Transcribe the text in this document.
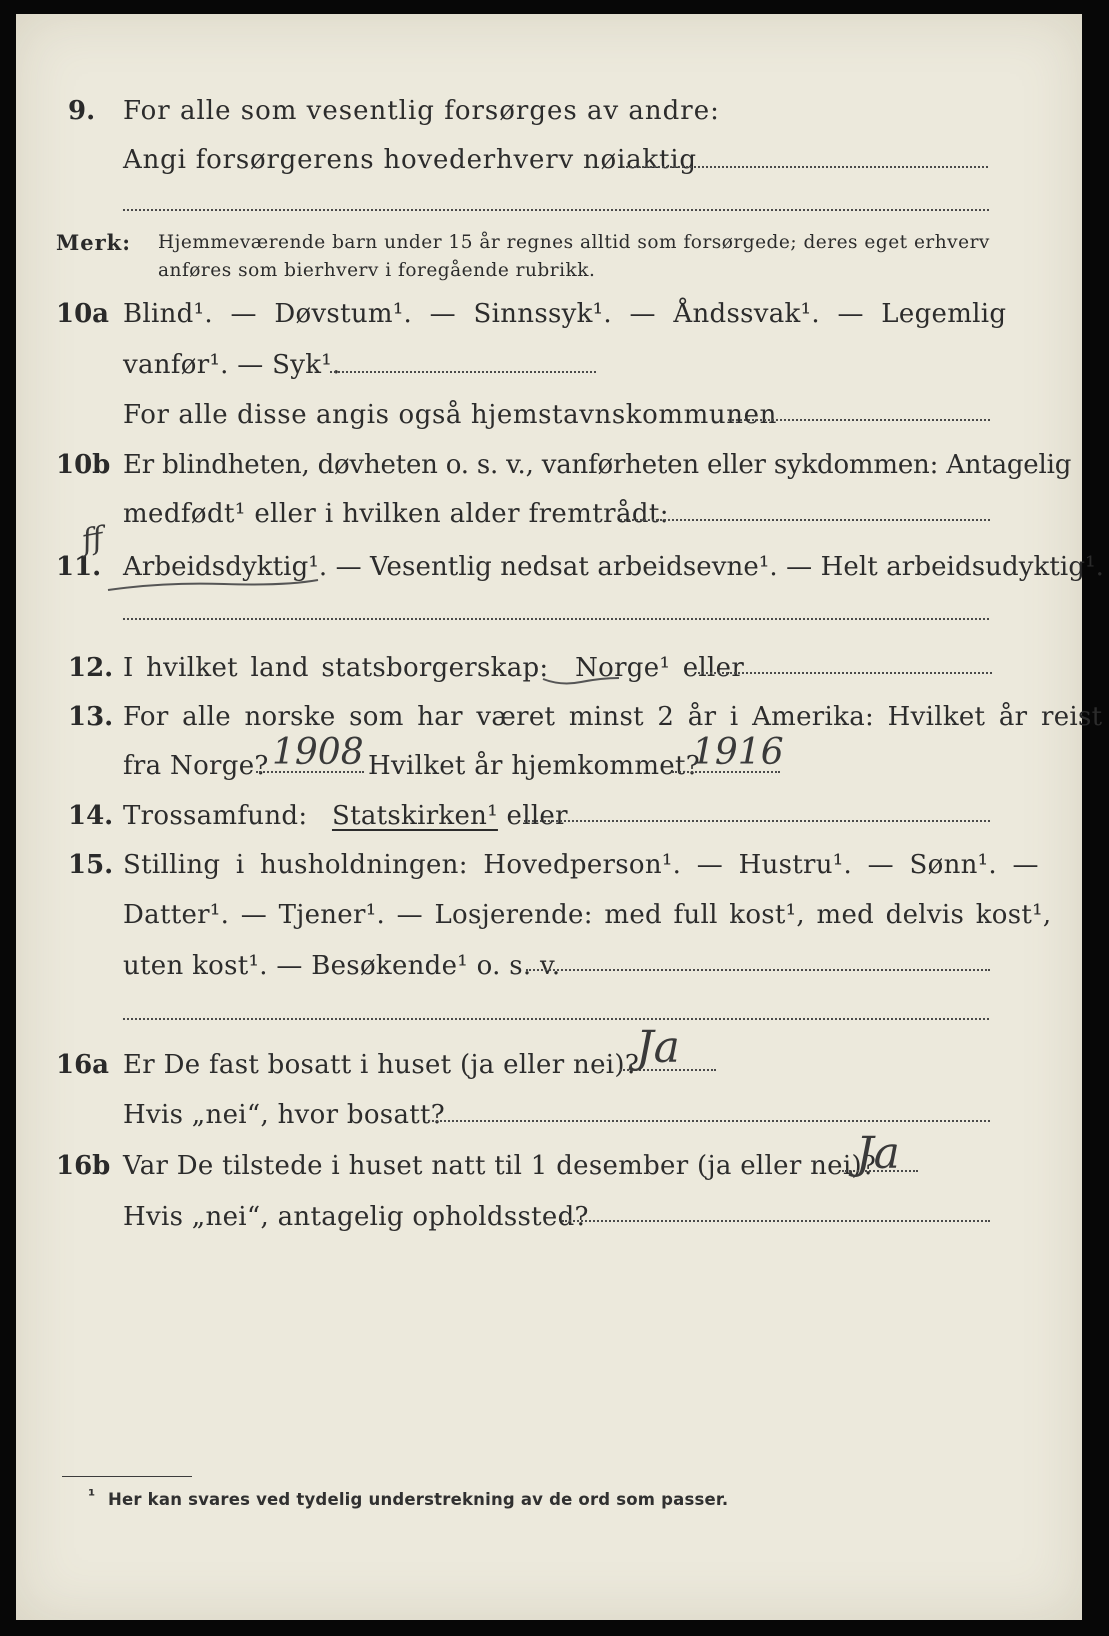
9. For alle som vesentlig forsørges av andre:
Angi forsørgerens hovederhverv nøiaktig
Merk: Hjemmeværende barn under 15 år regnes alltid som forsørgede; deres eget erhverv
anføres som bierhverv i foregående rubrikk.
10a Blind¹. — Døvstum¹. — Sinnssyk¹. — Åndssvak¹. — Legemlig
vanfør¹. — Syk¹.
For alle disse angis også hjemstavnskommunen
10b Er blindheten, døvheten o. s. v., vanførheten eller sykdommen: Antagelig
medfødt¹ eller i hvilken alder fremtrådt:
11.
ff
Arbeidsdyktig¹. — Vesentlig nedsat arbeidsevne¹. — Helt arbeidsudyktig¹.
12. I hvilket land statsborgerskap: Norge¹ eller
13. For alle norske som har været minst 2 år i Amerika: Hvilket år reist
fra Norge? 1908 Hvilket år hjemkommet?
1916
14. Trossamfund: Statskirken¹ eller
15. Stilling i husholdningen: Hovedperson¹. — Hustru¹. — Sønn¹. —
Datter¹. — Tjener¹. — Losjerende: med full kost¹, med delvis kost¹,
uten kost¹. — Besøkende¹ o. s. v.
16a Er De fast bosatt i huset (ja eller nei)?
Ja
Hvis „nei“, hvor bosatt?
16b Var De tilstede i huset natt til 1 desember (ja eller nei)?
Ja
Hvis „nei“, antagelig opholdssted?
¹ Her kan svares ved tydelig understrekning av de ord som passer.
